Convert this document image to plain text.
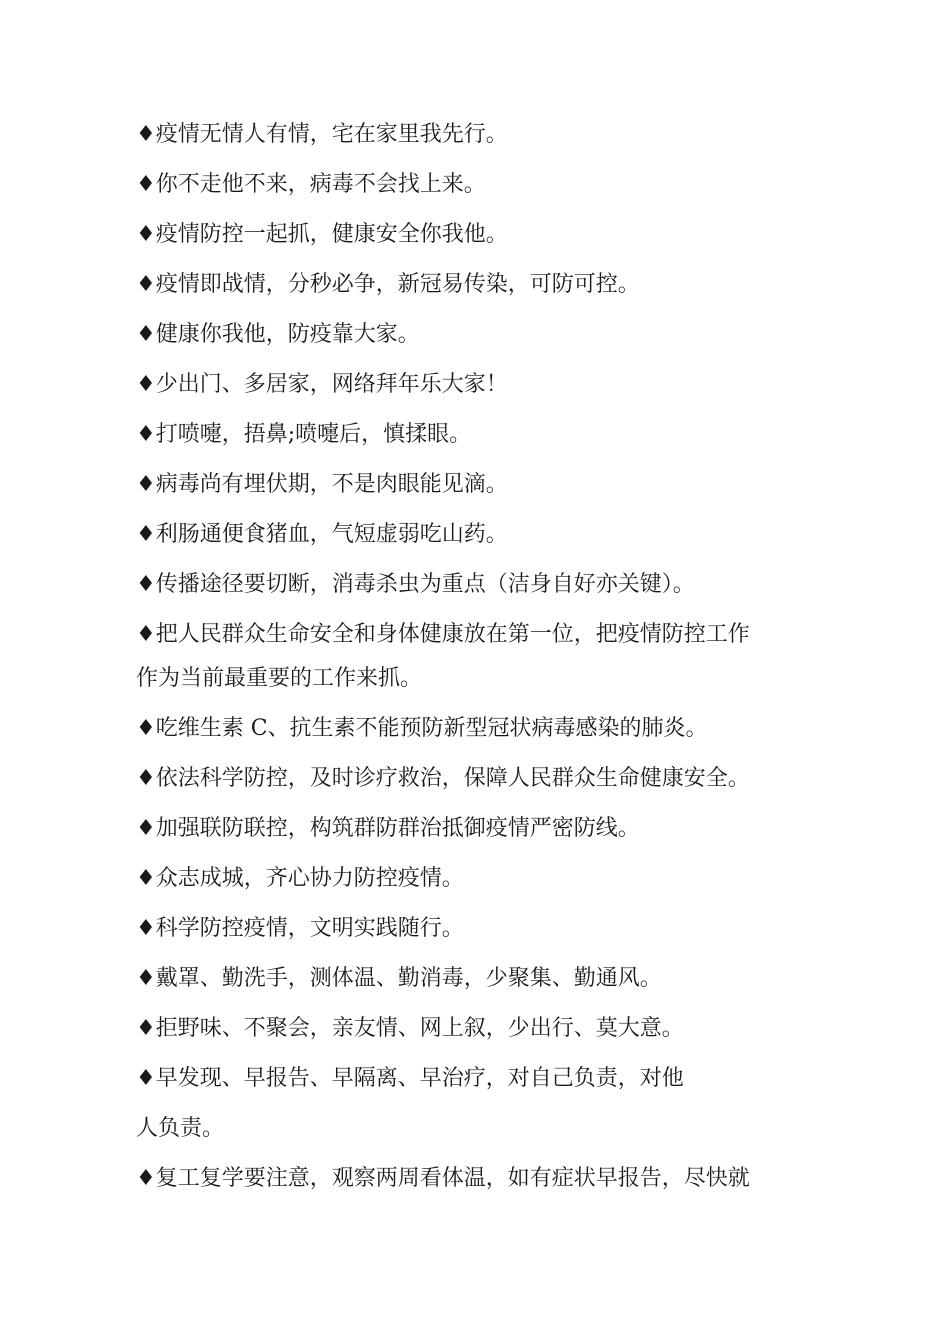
♦疫情无情人有情，宅在家里我先行。
♦你不走他不来，病毒不会找上来。
♦疫情防控一起抓，健康安全你我他。
♦疫情即战情，分秒必争，新冠易传染，可防可控。
♦健康你我他，防疫靠大家。
♦少出门、多居家，网络拜年乐大家！
♦打喷嚏，捂鼻;喷嚏后，慎揉眼。
♦病毒尚有埋伏期，不是肉眼能见滴。
♦利肠通便食猪血，气短虚弱吃山药。
♦传播途径要切断，消毒杀虫为重点（洁身自好亦关键）。
♦把人民群众生命安全和身体健康放在第一位，把疫情防控工作
作为当前最重要的工作来抓。
♦吃维生素 C、抗生素不能预防新型冠状病毒感染的肺炎。
♦依法科学防控，及时诊疗救治，保障人民群众生命健康安全。
♦加强联防联控，构筑群防群治抵御疫情严密防线。
♦众志成城，齐心协力防控疫情。
♦科学防控疫情，文明实践随行。
♦戴罩、勤洗手，测体温、勤消毒，少聚集、勤通风。
♦拒野味、不聚会，亲友情、网上叙，少出行、莫大意。
♦早发现、早报告、早隔离、早治疗，对自己负责，对他
人负责。
♦复工复学要注意，观察两周看体温，如有症状早报告，尽快就
